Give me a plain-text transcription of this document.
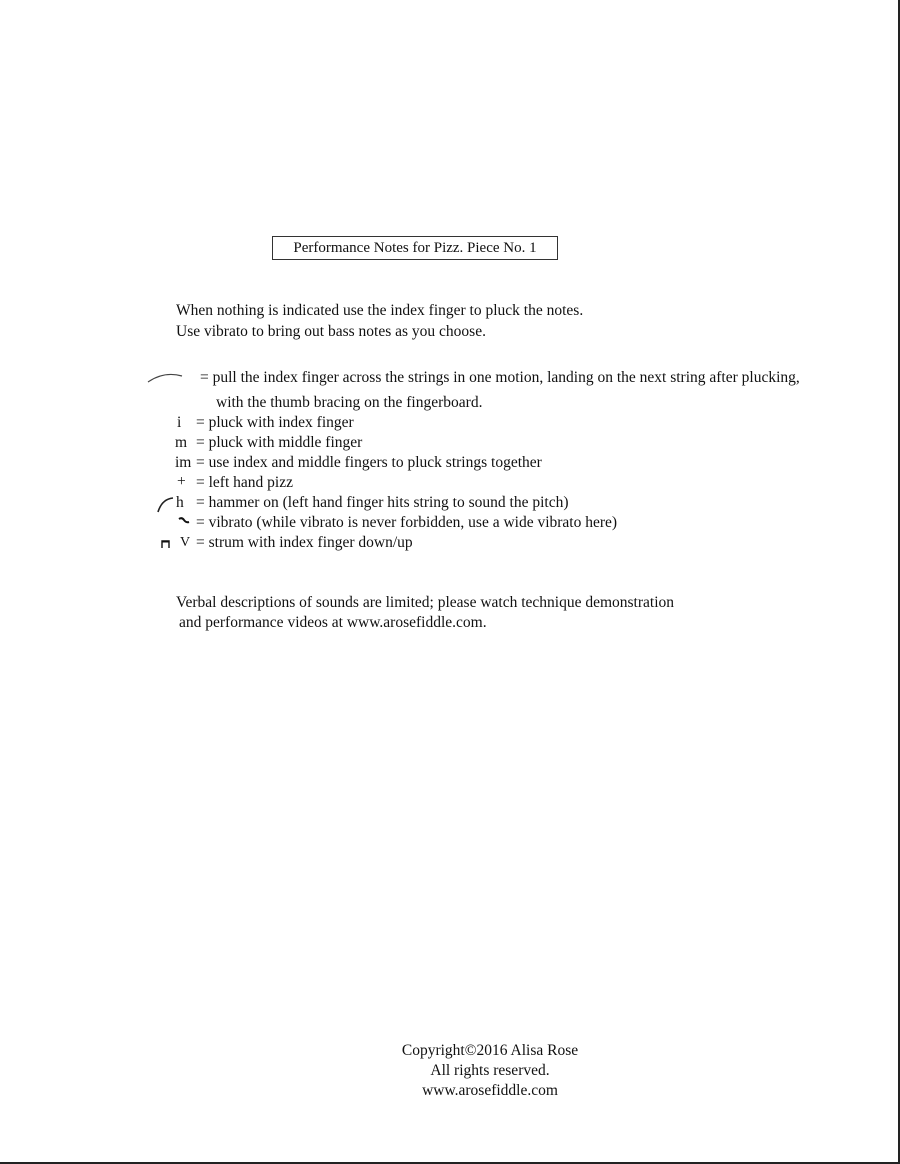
Performance Notes for Pizz. Piece No. 1
When nothing is indicated use the index finger to pluck the notes.
Use vibrato to bring out bass notes as you choose.
= pull the index finger across the strings in one motion, landing on the next string after plucking,
with the thumb bracing on the fingerboard.
i = pluck with index finger
m = pluck with middle finger
im = use index and middle fingers to pluck strings together
+ = left hand pizz
h = hammer on (left hand finger hits string to sound the pitch)
= vibrato (while vibrato is never forbidden, use a wide vibrato here)
V = strum with index finger down/up
Verbal descriptions of sounds are limited; please watch technique demonstration
and performance videos at www.arosefiddle.com.
Copyright©2016 Alisa Rose
All rights reserved.
www.arosefiddle.com
